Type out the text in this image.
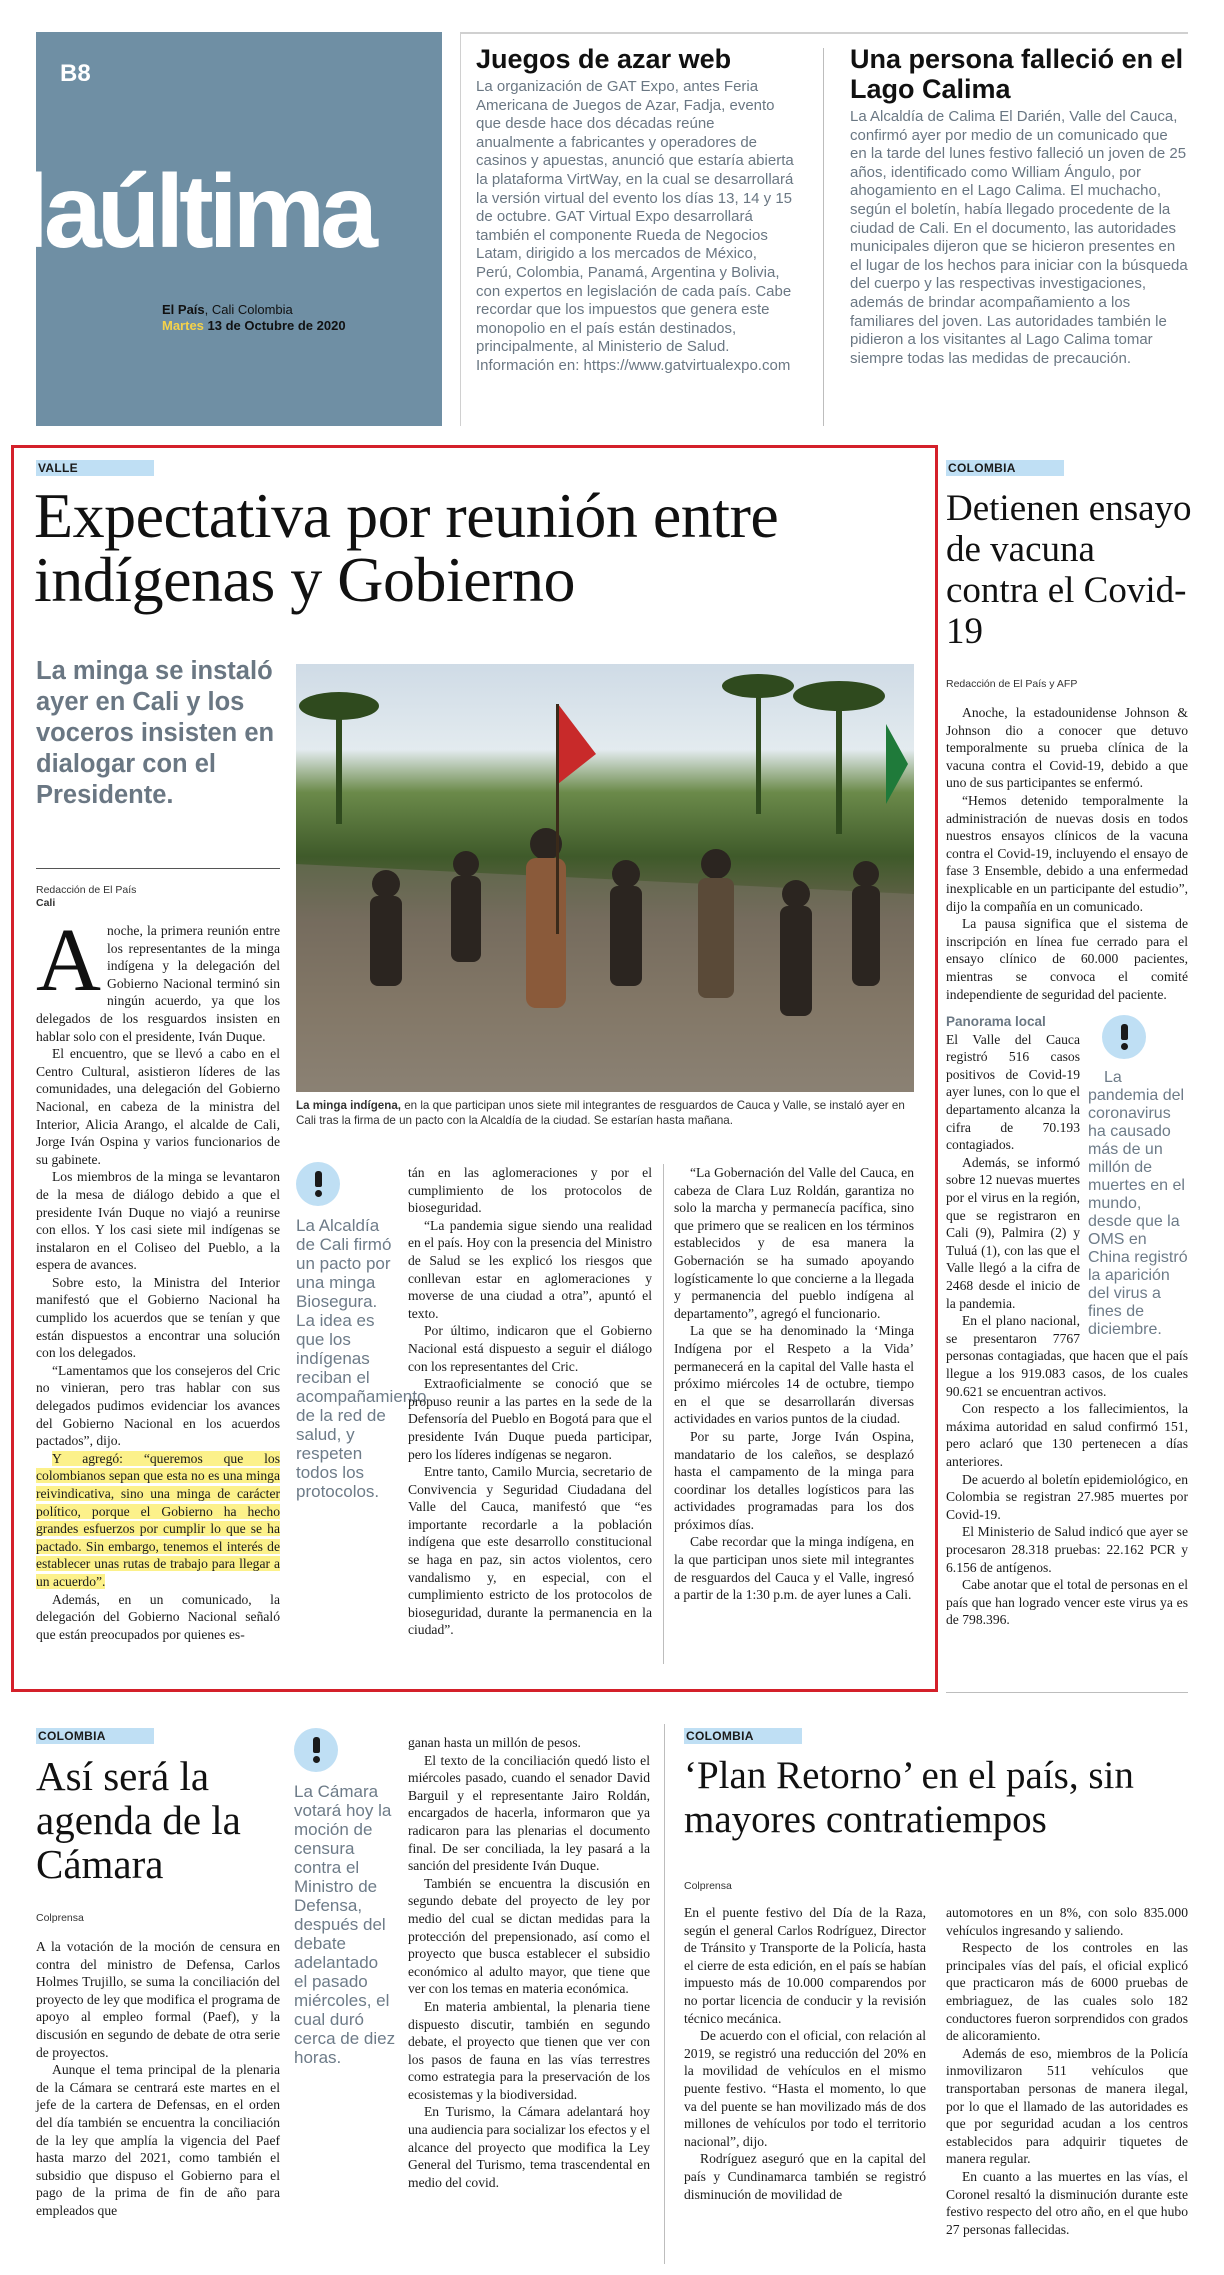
B8
laúltima
El País, Cali Colombia
Martes 13 de Octubre de 2020
Juegos de azar web

La organización de GAT Expo, antes Feria Americana de Juegos de Azar, Fadja, evento que desde hace dos décadas reúne anualmente a fabricantes y operadores de casinos y apuestas, anunció que estaría abierta la plataforma VirtWay, en la cual se desarrollará la versión virtual del evento los días 13, 14 y 15 de octubre. GAT Virtual Expo desarrollará también el componente Rueda de Negocios Latam, dirigido a los mercados de México, Perú, Colombia, Panamá, Argentina y Bolivia, con expertos en legislación de cada país. Cabe recordar que los impuestos que genera este monopolio en el país están destinados, principalmente, al Ministerio de Salud. Información en: https://www.gatvirtualexpo.com

Una persona falleció en el Lago Calima

La Alcaldía de Calima El Darién, Valle del Cauca, confirmó ayer por medio de un comunicado que en la tarde del lunes festivo falleció un joven de 25 años, identificado como William Ángulo, por ahogamiento en el Lago Calima. El muchacho, según el boletín, había llegado procedente de la ciudad de Cali. En el documento, las autoridades municipales dijeron que se hicieron presentes en el lugar de los hechos para iniciar con la búsqueda del cuerpo y las respectivas investigaciones, además de brindar acompañamiento a los familiares del joven. Las autoridades también le pidieron a los visitantes al Lago Calima tomar siempre todas las medidas de precaución.

VALLE
Expectativa por reunión entre indígenas y Gobierno
La minga se instaló ayer en Cali y los voceros insisten en dialogar con el Presidente.
Redacción de El País
Cali	FOTO: JOSÉ LUIS GUZMÁN / EL PAÍS

La minga indígena, en la que participan unos siete mil integrantes de resguardos de Cauca y Valle, se instaló ayer en Cali tras la firma de un pacto con la Alcaldía de la ciudad. Se estarían hasta mañana.

A noche, la primera reunión entre los representantes de la minga indígena y la delegación del Gobierno Nacional terminó sin ningún acuerdo, ya que los delegados de los resguardos insisten en hablar solo con el presidente, Iván Duque.

El encuentro, que se llevó a cabo en el Centro Cultural, asistieron líderes de las comunidades, una delegación del Gobierno Nacional, en cabeza de la ministra del Interior, Alicia Arango, el alcalde de Cali, Jorge Iván Ospina y varios funcionarios de su gabinete.

Los miembros de la minga se levantaron de la mesa de diálogo debido a que el presidente Iván Duque no viajó a reunirse con ellos. Y los casi siete mil indígenas se instalaron en el Coliseo del Pueblo, a la espera de avances.

Sobre esto, la Ministra del Interior manifestó que el Gobierno Nacional ha cumplido los acuerdos que se tenían y que están dispuestos a encontrar una solución con los delegados.

“Lamentamos que los consejeros del Cric no vinieran, pero tras hablar con sus delegados pudimos evidenciar los avances del Gobierno Nacional en los acuerdos pactados”, dijo.

Y agregó: “queremos que los colombianos sepan que esta no es una minga reivindicativa, sino una minga de carácter político, porque el Gobierno ha hecho grandes esfuerzos por cumplir lo que se ha pactado. Sin embargo, tenemos el interés de establecer unas rutas de trabajo para llegar a un acuerdo”.

Además, en un comunicado, la delegación del Gobierno Nacional señaló que están preocupados por quienes es-

La Alcaldía de Cali firmó un pacto por una minga Biosegura. La idea es que los indígenas reciban el acompañamiento de la red de salud, y respeten todos los protocolos.

tán en las aglomeraciones y por el cumplimiento de los protocolos de bioseguridad.

“La pandemia sigue siendo una realidad en el país. Hoy con la presencia del Ministro de Salud se les explicó los riesgos que conllevan estar en aglomeraciones y moverse de una ciudad a otra”, apuntó el texto.

Por último, indicaron que el Gobierno Nacional está dispuesto a seguir el diálogo con los representantes del Cric.

Extraoficialmente se conoció que se propuso reunir a las partes en la sede de la Defensoría del Pueblo en Bogotá para que el presidente Iván Duque pueda participar, pero los líderes indígenas se negaron.

Entre tanto, Camilo Murcia, secretario de Convivencia y Seguridad Ciudadana del Valle del Cauca, manifestó que “es importante recordarle a la población indígena que este desarrollo constitucional se haga en paz, sin actos violentos, cero vandalismo y, en especial, con el cumplimiento estricto de los protocolos de bioseguridad, durante la permanencia en la ciudad”.

“La Gobernación del Valle del Cauca, en cabeza de Clara Luz Roldán, garantiza no solo la marcha y permanecía pacífica, sino que primero que se realicen en los términos establecidos y de esa manera la Gobernación se ha sumado apoyando logísticamente lo que concierne a la llegada y permanencia del pueblo indígena al departamento”, agregó el funcionario.

La que se ha denominado la ‘Minga Indígena por el Respeto a la Vida’ permanecerá en la capital del Valle hasta el próximo miércoles 14 de octubre, tiempo en el que se desarrollarán diversas actividades en varios puntos de la ciudad.

Por su parte, Jorge Iván Ospina, mandatario de los caleños, se desplazó hasta el campamento de la minga para coordinar los detalles logísticos para las actividades programadas para los dos próximos días.

Cabe recordar que la minga indígena, en la que participan unos siete mil integrantes de resguardos del Cauca y el Valle, ingresó a partir de la 1:30 p.m. de ayer lunes a Cali.

COLOMBIA
Detienen ensayo de vacuna contra el Covid-19
Redacción de El País y AFP

Anoche, la estadounidense Johnson & Johnson dio a conocer que detuvo temporalmente su prueba clínica de la vacuna contra el Covid-19, debido a que uno de sus participantes se enfermó.

“Hemos detenido temporalmente la administración de nuevas dosis en todos nuestros ensayos clínicos de la vacuna contra el Covid-19, incluyendo el ensayo de fase 3 Ensemble, debido a una enfermedad inexplicable en un participante del estudio”, dijo la compañía en un comunicado.

La pausa significa que el sistema de inscripción en línea fue cerrado para el ensayo clínico de 60.000 pacientes, mientras se convoca el comité independiente de seguridad del paciente.

La pandemia del coronavirus ha causado más de un millón de muertes en el mundo, desde que la OMS en China registró la aparición del virus a fines de diciembre.

Panorama local

El Valle del Cauca registró 516 casos positivos de Covid-19 ayer lunes, con lo que el departamento alcanza la cifra de 70.193 contagiados.

Además, se informó sobre 12 nuevas muertes por el virus en la región, que se registraron en Cali (9), Palmira (2) y Tuluá (1), con las que el Valle llegó a la cifra de 2468 desde el inicio de la pandemia.

En el plano nacional, se presentaron 7767 personas contagiadas, que hacen que el país llegue a los 919.083 casos, de los cuales 90.621 se encuentran activos.

Con respecto a los fallecimientos, la máxima autoridad en salud confirmó 151, pero aclaró que 130 pertenecen a días anteriores.

De acuerdo al boletín epidemiológico, en Colombia se registran 27.985 muertes por Covid-19.

El Ministerio de Salud indicó que ayer se procesaron 28.318 pruebas: 22.162 PCR y 6.156 de antígenos.

Cabe anotar que el total de personas en el país que han logrado vencer este virus ya es de 798.396.

COLOMBIA
Así será la agenda de la Cámara
Colprensa

A la votación de la moción de censura en contra del ministro de Defensa, Carlos Holmes Trujillo, se suma la conciliación del proyecto de ley que modifica el programa de apoyo al empleo formal (Paef), y la discusión en segundo de debate de otra serie de proyectos.

Aunque el tema principal de la plenaria de la Cámara se centrará este martes en el jefe de la cartera de Defensas, en el orden del día también se encuentra la conciliación de la ley que amplía la vigencia del Paef hasta marzo del 2021, como también el subsidio que dispuso el Gobierno para el pago de la prima de fin de año para empleados que

La Cámara votará hoy la moción de censura contra el Ministro de Defensa, después del debate adelantado el pasado miércoles, el cual duró cerca de diez horas.

ganan hasta un millón de pesos.

El texto de la conciliación quedó listo el miércoles pasado, cuando el senador David Barguil y el representante Jairo Roldán, encargados de hacerla, informaron que ya radicaron para las plenarias el documento final. De ser conciliada, la ley pasará a la sanción del presidente Iván Duque.

También se encuentra la discusión en segundo debate del proyecto de ley por medio del cual se dictan medidas para la protección del prepensionado, así como el proyecto que busca establecer el subsidio económico al adulto mayor, que tiene que ver con los temas en materia económica.

En materia ambiental, la plenaria tiene dispuesto discutir, también en segundo debate, el proyecto que tienen que ver con los pasos de fauna en las vías terrestres como estrategia para la preservación de los ecosistemas y la biodiversidad.

En Turismo, la Cámara adelantará hoy una audiencia para socializar los efectos y el alcance del proyecto que modifica la Ley General del Turismo, tema trascendental en medio del covid.

COLOMBIA
‘Plan Retorno’ en el país, sin mayores contratiempos
Colprensa

En el puente festivo del Día de la Raza, según el general Carlos Rodríguez, Director de Tránsito y Transporte de la Policía, hasta el cierre de esta edición, en el país se habían impuesto más de 10.000 comparendos por no portar licencia de conducir y la revisión técnico mecánica.

De acuerdo con el oficial, con relación al 2019, se registró una reducción del 20% en la movilidad de vehículos en el mismo puente festivo. “Hasta el momento, lo que va del puente se han movilizado más de dos millones de vehículos por todo el territorio nacional”, dijo.

Rodríguez aseguró que en la capital del país y Cundinamarca también se registró disminución de movilidad de

automotores en un 8%, con solo 835.000 vehículos ingresando y saliendo.

Respecto de los controles en las principales vías del país, el oficial explicó que practicaron más de 6000 pruebas de embriaguez, de las cuales solo 182 conductores fueron sorprendidos con grados de alicoramiento.

Además de eso, miembros de la Policía inmovilizaron 511 vehículos que transportaban personas de manera ilegal, por lo que el llamado de las autoridades es que por seguridad acudan a los centros establecidos para adquirir tiquetes de manera regular.

En cuanto a las muertes en las vías, el Coronel resaltó la disminución durante este festivo respecto del otro año, en el que hubo 27 personas fallecidas.
